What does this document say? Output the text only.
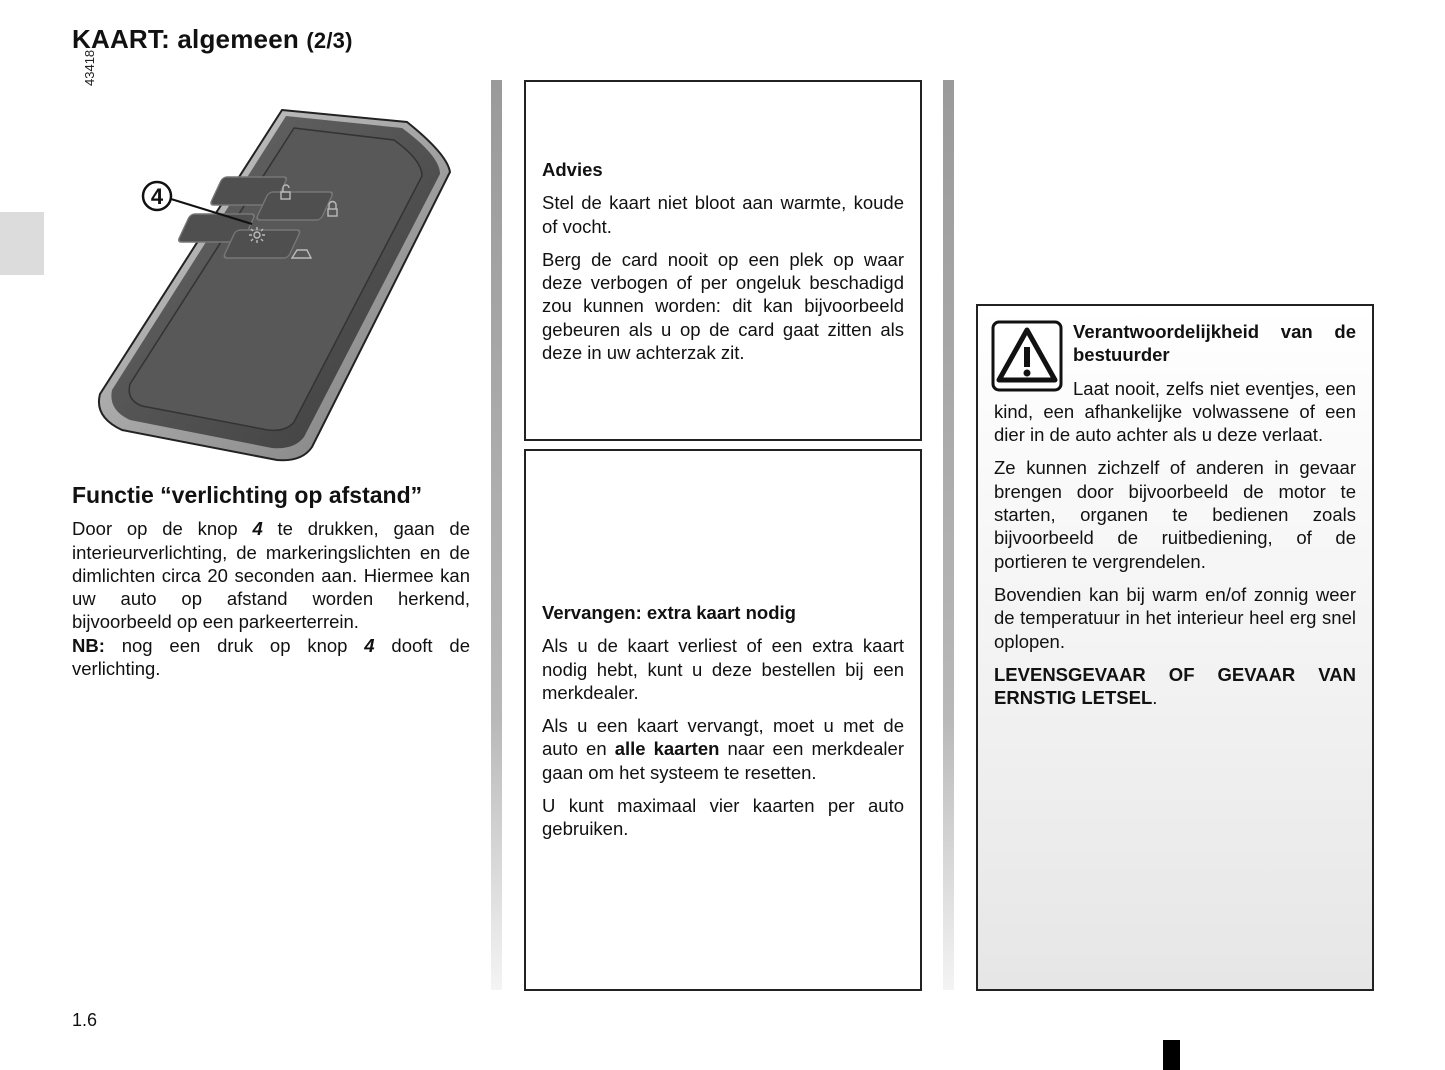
KAART: algemeen (2/3)
43418
4
Functie “verlichting op afstand”

Door op de knop 4 te drukken, gaan de interieurverlichting, de markeringslichten en de dimlichten circa 20 seconden aan. Hiermee kan uw auto op afstand worden herkend, bijvoorbeeld op een parkeerterrein.
NB: nog een druk op knop 4 dooft de verlichting.

Advies

Stel de kaart niet bloot aan warmte, koude of vocht.

Berg de card nooit op een plek op waar deze verbogen of per ongeluk beschadigd zou kunnen worden: dit kan bijvoorbeeld gebeuren als u op de card gaat zitten als deze in uw achterzak zit.

Vervangen: extra kaart nodig

Als u de kaart verliest of een extra kaart nodig hebt, kunt u deze bestellen bij een merkdealer.

Als u een kaart vervangt, moet u met de auto en alle kaarten naar een merkdealer gaan om het systeem te resetten.

U kunt maximaal vier kaarten per auto gebruiken.

Verantwoordelijkheid van de bestuurder

Laat nooit, zelfs niet eventjes, een kind, een afhankelijke volwassene of een dier in de auto achter als u deze verlaat.

Ze kunnen zichzelf of anderen in gevaar brengen door bijvoorbeeld de motor te starten, organen te bedienen zoals bijvoorbeeld de ruitbediening, of de portieren te vergrendelen.

Bovendien kan bij warm en/of zonnig weer de temperatuur in het interieur heel erg snel oplopen.

LEVENSGEVAAR OF GEVAAR VAN ERNSTIG LETSEL.

1.6
